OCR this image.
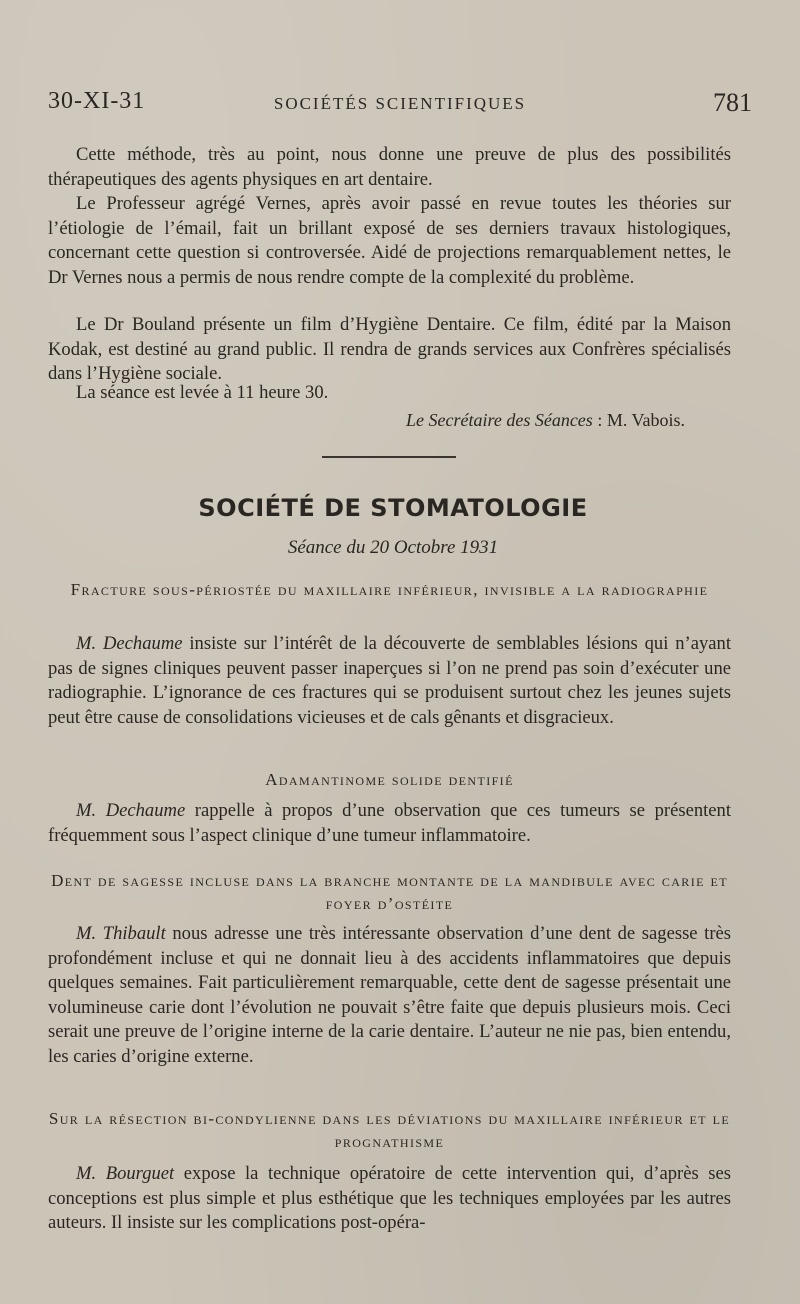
30-XI-31	SOCIÉTÉS SCIENTIFIQUES	781

Cette méthode, très au point, nous donne une preuve de plus des possibilités thérapeutiques des agents physiques en art dentaire.

Le Professeur agrégé Vernes, après avoir passé en revue toutes les théories sur l’étiologie de l’émail, fait un brillant exposé de ses derniers travaux histologiques, concernant cette question si controversée. Aidé de projections remarquablement nettes, le Dr Vernes nous a permis de nous rendre compte de la complexité du problème.

Le Dr Bouland présente un film d’Hygiène Dentaire. Ce film, édité par la Maison Kodak, est destiné au grand public. Il rendra de grands services aux Confrères spécialisés dans l’Hygiène sociale.

La séance est levée à 11 heure 30.

Le Secrétaire des Séances : M. Vabois.
SOCIÉTÉ DE STOMATOLOGIE
Séance du 20 Octobre 1931
Fracture sous-périostée du maxillaire inférieur, invisible a la radiographie

M. Dechaume insiste sur l’intérêt de la découverte de semblables lésions qui n’ayant pas de signes cliniques peuvent passer inaperçues si l’on ne prend pas soin d’exécuter une radiographie. L’ignorance de ces fractures qui se produisent surtout chez les jeunes sujets peut être cause de consolidations vicieuses et de cals gênants et disgracieux.

Adamantinome solide dentifié

M. Dechaume rappelle à propos d’une observation que ces tumeurs se présentent fréquemment sous l’aspect clinique d’une tumeur inflammatoire.

Dent de sagesse incluse dans la branche montante de la mandibule avec carie et foyer d’ostéite

M. Thibault nous adresse une très intéressante observation d’une dent de sagesse très profondément incluse et qui ne donnait lieu à des accidents inflammatoires que depuis quelques semaines. Fait particulièrement remarquable, cette dent de sagesse présentait une volumineuse carie dont l’évolution ne pouvait s’être faite que depuis plusieurs mois. Ceci serait une preuve de l’origine interne de la carie dentaire. L’auteur ne nie pas, bien entendu, les caries d’origine externe.

Sur la résection bi-condylienne dans les déviations du maxillaire inférieur et le prognathisme

M. Bourguet expose la technique opératoire de cette intervention qui, d’après ses conceptions est plus simple et plus esthétique que les techniques employées par les autres auteurs. Il insiste sur les complications post-opéra-
